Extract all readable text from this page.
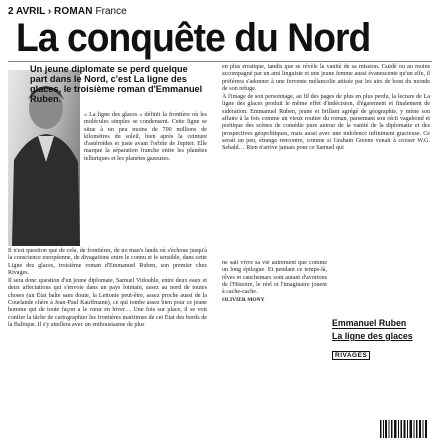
2 AVRIL › ROMAN France
La conquête du Nord
Un jeune diplomate se perd quelque part dans le Nord, c'est La ligne des glaces, le troisième roman d'Emmanuel Ruben.

« La ligne des glaces » définit la frontière où les molécules simples se condensent. Cette ligne se situe à un peu moins de 700 millions de kilomètres du soleil, bien après la ceinture d'astéroïdes et juste avant l'orbite de Jupiter. Elle marque la séparation franche entre les planètes telluriques et les planètes gazeuses.

Il n'est question que de cela, de frontières, de no man's lands où s'échoue jusqu'à la conscience européenne, de divagations entre le connu et le sensible, dans cette Ligne des glaces, troisième roman d'Emmanuel Ruben, son premier chez Rivages.

Il sera donc question d'un jeune diplomate, Samuel Vidouble, entre deux eaux et deux affectations qui s'envoie dans un pays lointain, assez au nord de toutes choses (un État balte sans doute, la Lettonie peut-être, assez proche aussi de la Courlande chère à Jean-Paul Kauffmann), ce qui tombe assez bien pour ce jeune homme qui de toute façon a le cœur en hiver… Une fois sur place, il se voit confier la tâche de cartographier les frontières maritimes de cet État des bords de la Baltique. Il s'y attellera avec un enthousiasme de plus

en plus erratique, tandis que se révèle la vanité de sa mission. Guidé ou au moins accompagné par un ami linguiste et une jeune femme aussi évanescente qu'un elfe, il préférera s'adonner à une fervente mélancolie attisée par les airs de bout du monde de son refuge.

À l'image de son personnage, au fil des pages de plus en plus perdu, la lecture de La ligne des glaces produit le même effet d'indécision, d'égarement et finalement de sidération. Emmanuel Ruben, jeune et brillant agrégé de géographie, y mène son affaire à la fois comme un vieux routier du roman, parsemant son récit vagabond et poétique des scènes de comédie pure autour de la vanité de la diplomatie et des prospectives géopolitiques, mais aussi avec une indolence infiniment gracieuse. Ce serait un peu, étrange rencontre, comme si Graham Greene venait à croiser W.G. Sebald… Rien n'arrive jamais pour ce Samuel qui

ne sait vivre sa vie autrement que comme un long épilogue. Et pendant ce temps-là, rêves et cauchemars sont autant d'avortons de l'Histoire, le réel et l'imaginaire jouent à cache-cache.

OLIVIER MONY

Emmanuel Ruben
La ligne des glaces
RIVAGES
